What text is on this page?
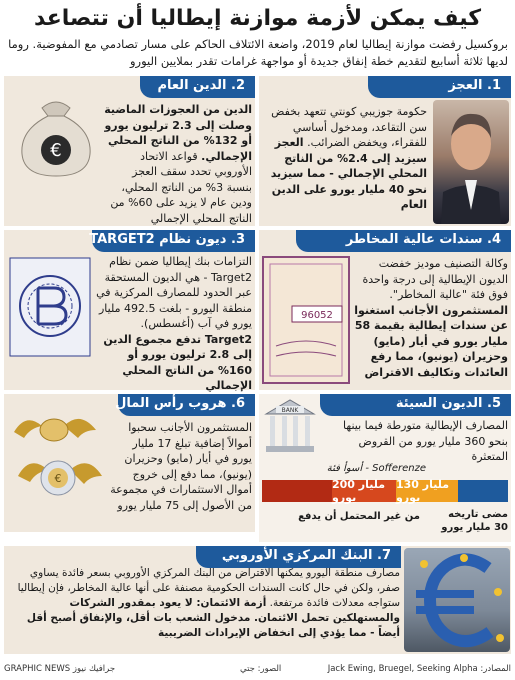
كيف يمكن لأزمة موازنة إيطاليا أن تتصاعد
بروكسيل رفضت موازنة إيطاليا لعام 2019، واضعة الائتلاف الحاكم على مسار تصادمي مع المفوضية. روما لديها ثلاثة أسابيع لتقديم خطة إنفاق جديدة أو مواجهة غرامات تقدر بملايين اليورو
1. العجز
حكومة جوزيبي كونتي تتعهد بخفض سن التقاعد، ومدخول أساسي للفقراء، ويخفض الضرائب. العجز سيزيد إلى 2.4% من الناتج المحلي الإجمالي - مما سيزيد نحو 40 مليار يورو على الدين العام
2. الدين العام
€
الدين من العجوزات الماضية وصلت إلى 2.3 ترليون يورو أو 132% من الناتج المحلي الإجمالي. قواعد الاتحاد الأوروبي تحدد سقف العجز بنسبة 3% من الناتج المحلي، ودين عام لا يزيد على 60% من الناتج المحلي الإجمالي
3. ديون نظام TARGET2
التزامات بنك إيطاليا ضمن نظام Target2 - هي الديون المستحقة عبر الحدود للمصارف المركزية في منطقة اليورو - بلغت 492.5 مليار يورو في آب (أغسطس). Target2 تدفع مجموع الدين إلى 2.8 ترليون يورو أو 160% من الناتج المحلي الإجمالي
4. سندات عالية المخاطر
96052
وكالة التصنيف موديز خفضت الديون الإيطالية إلى درجة واحدة فوق فئة "عالية المخاطر". المستثمرون الأجانب استغنوا عن سندات إيطالية بقيمة 58 مليار يورو في أيار (مايو) وحزيران (يونيو)، مما رفع العائدات وتكاليف الاقتراض
6. هروب رأس المال
€
المستثمرون الأجانب سحبوا أموالاً إضافية تبلغ 17 مليار يورو في أيار (مايو) وحزيران (يونيو)، مما دفع إلى خروج أموال الاستثمارات في مجموعة من الأصول إلى 75 مليار يورو
5. الديون السيئة
BANK
المصارف الإيطالية متورطة فيما بينها بنحو 360 مليار يورو من القروض المتعثرة
Sofferenze - أسوأ فئة
200 مليار يورو
130 مليار يورو
من غير المحتمل أن يدفع	مضى تاريخه 30 مليار يورو
7. البنك المركزي الأوروبي
مصارف منطقة اليورو يمكنها الاقتراض من البنك المركزي الأوروبي بسعر فائدة يساوي صفر، ولكن في حال كانت السندات الحكومية مصنفة على أنها عالية المخاطر، فإن إيطاليا ستواجه معدلات فائدة مرتفعة. أزمة الائتمان: لا يعود بمقدور الشركات والمستهلكين تحمل الائتمان. مدخول الشعب بات أقل، والإنفاق أصبح أقل أيضاً - مما يؤدي إلى انخفاض الإيرادات الضريبية
GRAPHIC NEWS جرافيك نيوز	الصور: جتي	المصادر: Jack Ewing, Bruegel, Seeking Alpha
